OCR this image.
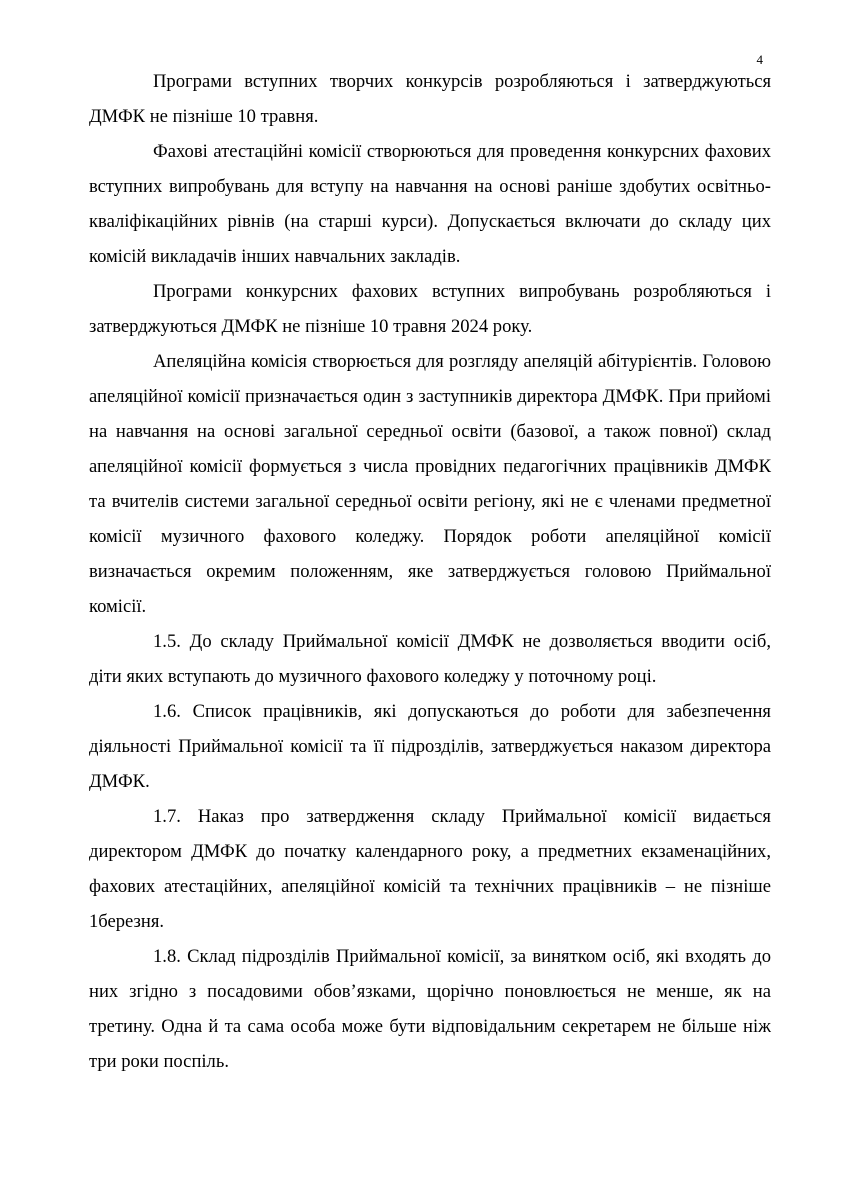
4

Програми вступних творчих конкурсів розробляються і затверджуються ДМФК не пізніше 10 травня.

Фахові атестаційні комісії створюються для проведення конкурсних фахових вступних випробувань для вступу на навчання на основі раніше здобутих освітньо-кваліфікаційних рівнів (на старші курси). Допускається включати до складу цих комісій викладачів інших навчальних закладів.

Програми конкурсних фахових вступних випробувань розробляються і затверджуються ДМФК не пізніше 10 травня 2024 року.

Апеляційна комісія створюється для розгляду апеляцій абітурієнтів. Головою апеляційної комісії призначається один з заступників директора ДМФК. При прийомі на навчання на основі загальної середньої освіти (базової, а також повної) склад апеляційної комісії формується з числа провідних педагогічних працівників ДМФК та вчителів системи загальної середньої освіти регіону, які не є членами предметної комісії музичного фахового коледжу. Порядок роботи апеляційної комісії визначається окремим положенням, яке затверджується головою Приймальної комісії.

1.5. До складу Приймальної комісії ДМФК не дозволяється вводити осіб, діти яких вступають до музичного фахового коледжу у поточному році.

1.6. Список працівників, які допускаються до роботи для забезпечення діяльності Приймальної комісії та її підрозділів, затверджується наказом директора ДМФК.

1.7. Наказ про затвердження складу Приймальної комісії видається директором ДМФК до початку календарного року, а предметних екзаменаційних, фахових атестаційних, апеляційної комісій та технічних працівників – не пізніше 1березня.

1.8. Склад підрозділів Приймальної комісії, за винятком осіб, які входять до них згідно з посадовими обов’язками, щорічно поновлюється не менше, як на третину. Одна й та сама особа може бути відповідальним секретарем не більше ніж три роки поспіль.
